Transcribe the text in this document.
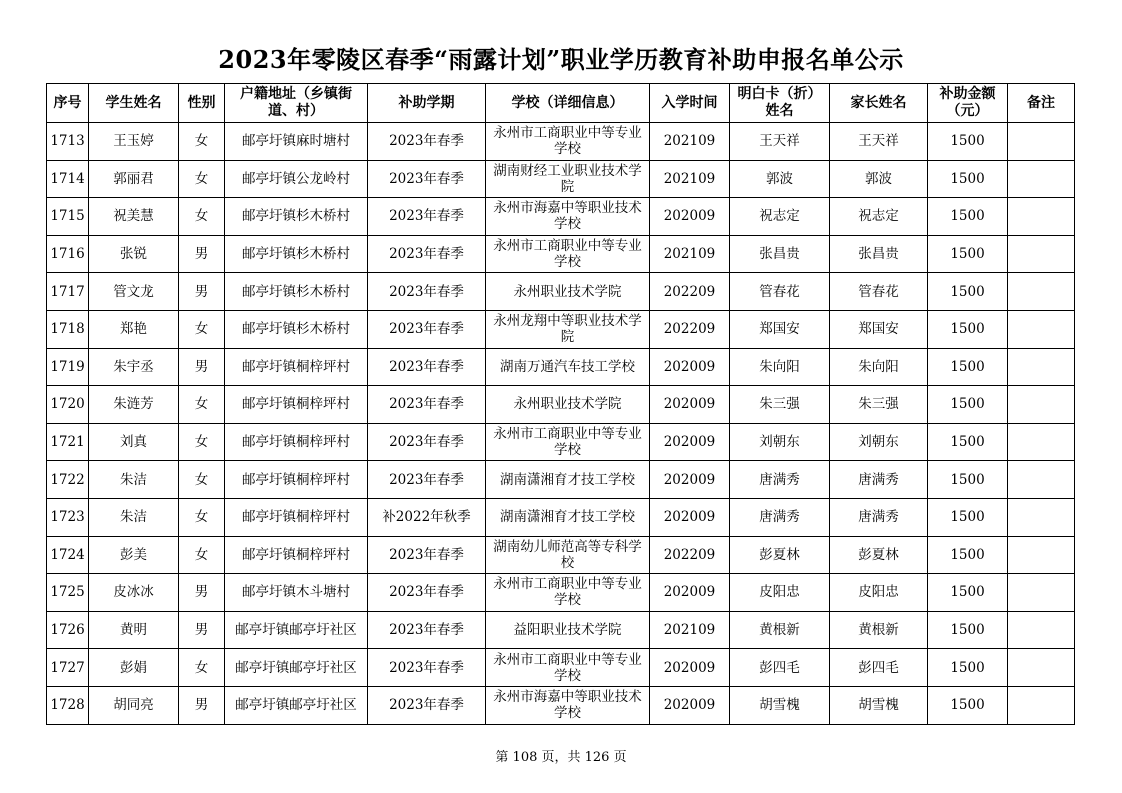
2023年零陵区春季“雨露计划”职业学历教育补助申报名单公示
序号	学生姓名	性别	户籍地址（乡镇街道、村）	补助学期	学校（详细信息）	入学时间	明白卡（折）姓名	家长姓名	补助金额（元）	备注
1713	王玉婷	女	邮亭圩镇麻时塘村	2023年春季	永州市工商职业中等专业学校	202109	王天祥	王天祥	1500	
1714	郭丽君	女	邮亭圩镇公龙岭村	2023年春季	湖南财经工业职业技术学院	202109	郭波	郭波	1500	
1715	祝美慧	女	邮亭圩镇杉木桥村	2023年春季	永州市海嘉中等职业技术学校	202009	祝志定	祝志定	1500	
1716	张锐	男	邮亭圩镇杉木桥村	2023年春季	永州市工商职业中等专业学校	202109	张昌贵	张昌贵	1500	
1717	管文龙	男	邮亭圩镇杉木桥村	2023年春季	永州职业技术学院	202209	管春花	管春花	1500	
1718	郑艳	女	邮亭圩镇杉木桥村	2023年春季	永州龙翔中等职业技术学院	202209	郑国安	郑国安	1500	
1719	朱宇丞	男	邮亭圩镇桐梓坪村	2023年春季	湖南万通汽车技工学校	202009	朱向阳	朱向阳	1500	
1720	朱涟芳	女	邮亭圩镇桐梓坪村	2023年春季	永州职业技术学院	202009	朱三强	朱三强	1500	
1721	刘真	女	邮亭圩镇桐梓坪村	2023年春季	永州市工商职业中等专业学校	202009	刘朝东	刘朝东	1500	
1722	朱洁	女	邮亭圩镇桐梓坪村	2023年春季	湖南潇湘育才技工学校	202009	唐满秀	唐满秀	1500	
1723	朱洁	女	邮亭圩镇桐梓坪村	补2022年秋季	湖南潇湘育才技工学校	202009	唐满秀	唐满秀	1500	
1724	彭美	女	邮亭圩镇桐梓坪村	2023年春季	湖南幼儿师范高等专科学校	202209	彭夏林	彭夏林	1500	
1725	皮冰冰	男	邮亭圩镇木斗塘村	2023年春季	永州市工商职业中等专业学校	202009	皮阳忠	皮阳忠	1500	
1726	黄明	男	邮亭圩镇邮亭圩社区	2023年春季	益阳职业技术学院	202109	黄根新	黄根新	1500	
1727	彭娟	女	邮亭圩镇邮亭圩社区	2023年春季	永州市工商职业中等专业学校	202009	彭四毛	彭四毛	1500	
1728	胡同亮	男	邮亭圩镇邮亭圩社区	2023年春季	永州市海嘉中等职业技术学校	202009	胡雪槐	胡雪槐	1500	
第 108 页，共 126 页
